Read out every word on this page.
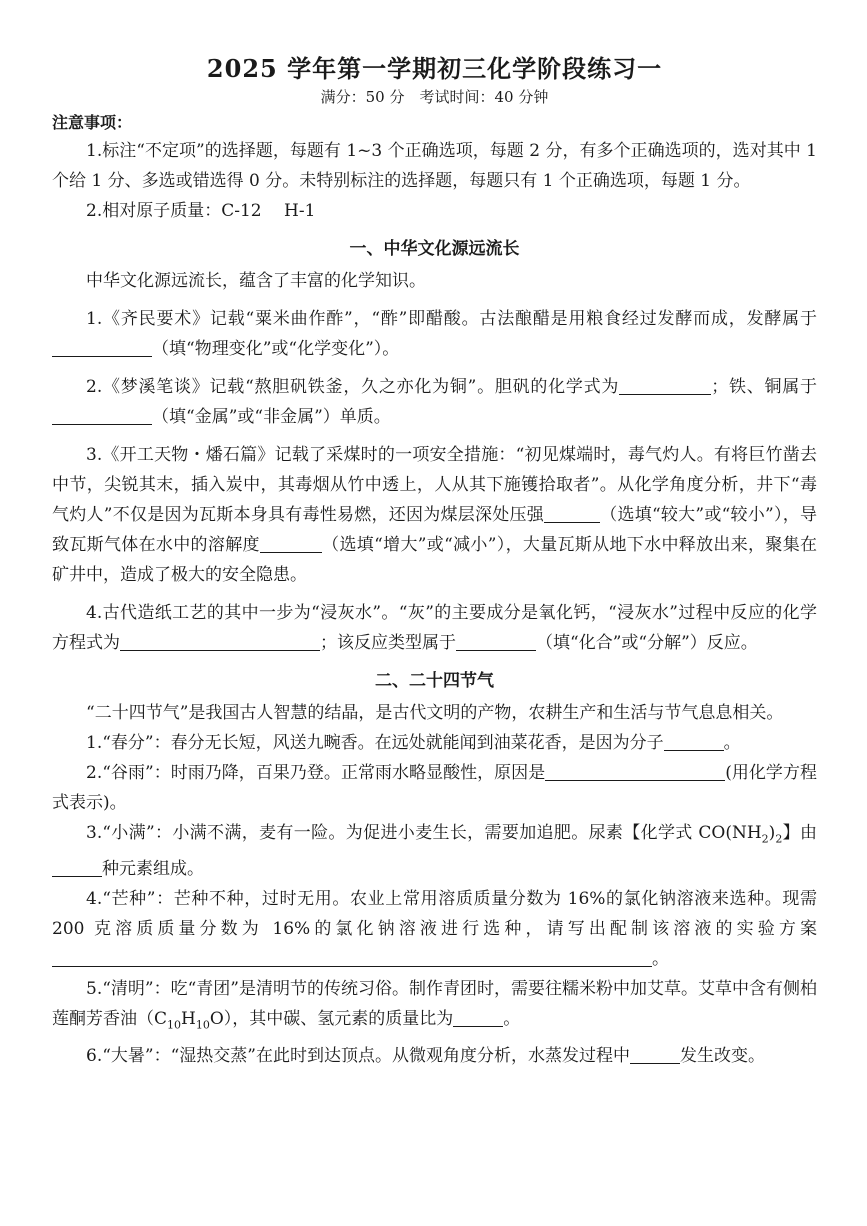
2025 学年第一学期初三化学阶段练习一
满分：50 分　考试时间：40 分钟
注意事项：

1.标注“不定项”的选择题，每题有 1~3 个正确选项，每题 2 分，有多个正确选项的，选对其中 1 个给 1 分、多选或错选得 0 分。未特别标注的选择题，每题只有 1 个正确选项，每题 1 分。

2.相对原子质量：C-12　 H-1

一、中华文化源远流长

中华文化源远流长，蕴含了丰富的化学知识。

1.《齐民要术》记载“粟米曲作酢”，“酢”即醋酸。古法酿醋是用粮食经过发酵而成，发酵属于（填“物理变化”或“化学变化”）。

2.《梦溪笔谈》记载“熬胆矾铁釜，久之亦化为铜”。胆矾的化学式为	；铁、铜属于（填“金属”或“非金属”）单质。

3.《开工天物・燔石篇》记载了采煤时的一项安全措施：“初见煤端时，毒气灼人。有将巨竹凿去中节，尖锐其末，插入炭中，其毒烟从竹中透上，人从其下施镬拾取者”。从化学角度分析，井下“毒气灼人”不仅是因为瓦斯本身具有毒性易燃，还因为煤层深处压强	（选填“较大”或“较小”），导致瓦斯气体在水中的溶解度	（选填“增大”或“减小”），大量瓦斯从地下水中释放出来，聚集在矿井中，造成了极大的安全隐患。

4.古代造纸工艺的其中一步为“浸灰水”。“灰”的主要成分是氧化钙，“浸灰水”过程中反应的化学方程式为	；该反应类型属于	（填“化合”或“分解”）反应。

二、二十四节气

“二十四节气”是我国古人智慧的结晶，是古代文明的产物，农耕生产和生活与节气息息相关。

1.“春分”：春分无长短，风送九畹香。在远处就能闻到油菜花香，是因为分子	。

2.“谷雨”：时雨乃降，百果乃登。正常雨水略显酸性，原因是	(用化学方程式表示)。

3.“小满”：小满不满，麦有一险。为促进小麦生长，需要加追肥。尿素【化学式 $CO(NH_2)_2$】由种元素组成。

4.“芒种”：芒种不种，过时无用。农业上常用溶质质量分数为 16%的氯化钠溶液来选种。现需 200 克溶质质量分数为 16%的氯化钠溶液进行选种，请写出配制该溶液的实验方案。

5.“清明”：吃“青团”是清明节的传统习俗。制作青团时，需要往糯米粉中加艾草。艾草中含有侧柏莲酮芳香油$(C_{10}H_{10}O)$，其中碳、氢元素的质量比为	。

6.“大暑”：“湿热交蒸”在此时到达顶点。从微观角度分析，水蒸发过程中	发生改变。
